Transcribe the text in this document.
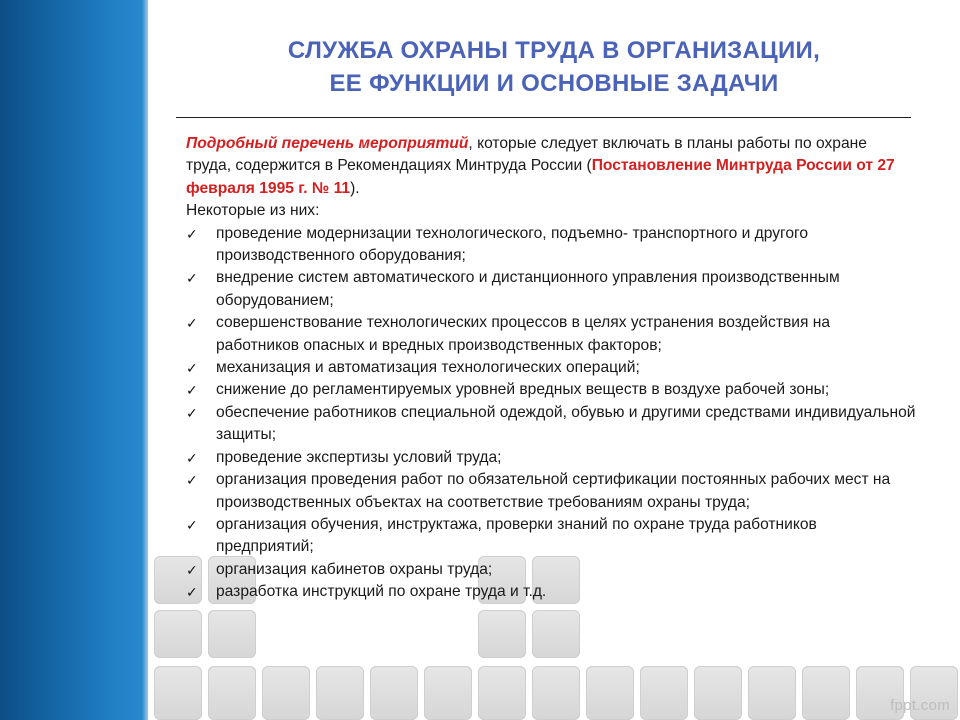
СЛУЖБА ОХРАНЫ ТРУДА В ОРГАНИЗАЦИИ,
ЕЕ ФУНКЦИИ И ОСНОВНЫЕ ЗАДАЧИ

Подробный перечень мероприятий, которые следует включать в планы работы по охране труда, содержится в Рекомендациях Минтруда России (Постановление Минтруда России от 27 февраля 1995 г. № 11).

Некоторые из них:

✓	проведение модернизации технологического, подъемно- транспортного и другого производственного оборудования;
✓	внедрение систем автоматического и дистанционного управления производственным оборудованием;
✓	совершенствование технологических процессов в целях устранения воздействия на работников опасных и вредных производственных факторов;
✓	механизация и автоматизация технологических операций;
✓	снижение до регламентируемых уровней вредных веществ в воздухе рабочей зоны;
✓	обеспечение работников специальной одеждой, обувью и другими средствами индивидуальной защиты;
✓	проведение экспертизы условий труда;
✓	организация проведения работ по обязательной сертификации постоянных рабочих мест на производственных объектах на соответствие требованиям охраны труда;
✓	организация обучения, инструктажа, проверки знаний по охране труда работников предприятий;
✓	организация кабинетов охраны труда;
✓	разработка инструкций по охране труда и т.д.
fppt.com
